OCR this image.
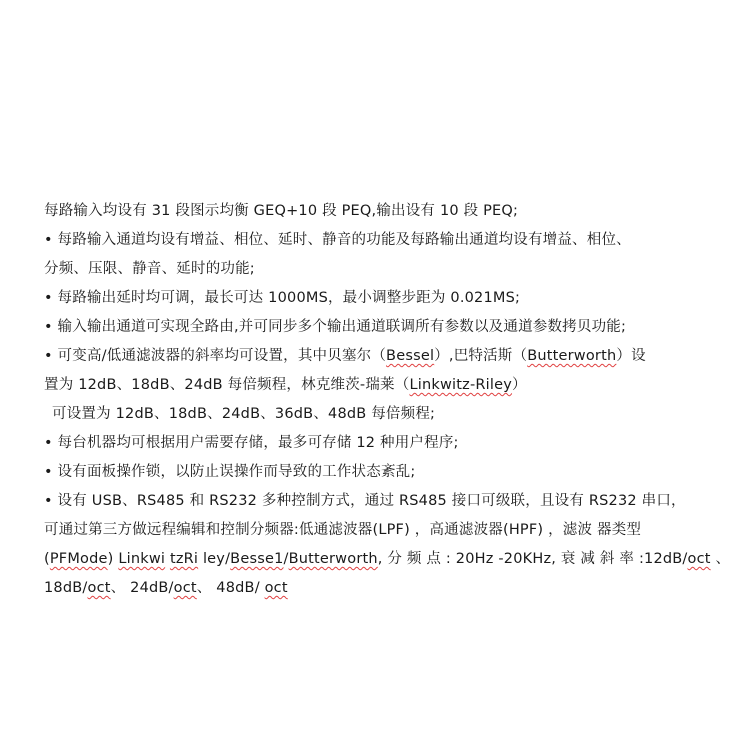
每路输入均设有 31 段图示均衡 GEQ+10 段 PEQ,输出设有 10 段 PEQ;
• 每路输入通道均设有增益、相位、延时、静音的功能及每路输出通道均设有增益、相位、
分频、压限、静音、延时的功能;
• 每路输出延时均可调，最长可达 1000MS，最小调整步距为 0.021MS;
• 输入输出通道可实现全路由,并可同步多个输出通道联调所有参数以及通道参数拷贝功能;
• 可变高/低通滤波器的斜率均可设置，其中贝塞尔（Bessel）,巴特活斯（Butterworth）设
置为 12dB、18dB、24dB 每倍频程，林克维茨-瑞莱（Linkwitz-Riley）
可设置为 12dB、18dB、24dB、36dB、48dB 每倍频程;
• 每台机器均可根据用户需要存储，最多可存储 12 种用户程序;
• 设有面板操作锁，以防止误操作而导致的工作状态紊乱;
• 设有 USB、RS485 和 RS232 多种控制方式，通过 RS485 接口可级联，且设有 RS232 串口，
可通过第三方做远程编辑和控制分频器:低通滤波器(LPF) ，高通滤波器(HPF) ，滤波 器类型
(PFMode) Linkwi tzRi ley/Besse1/Butterworth, 分 频 点 : 20Hz -20KHz, 衰 减 斜 率 :12dB/oct 、
18dB/oct、 24dB/oct、 48dB/ oct
